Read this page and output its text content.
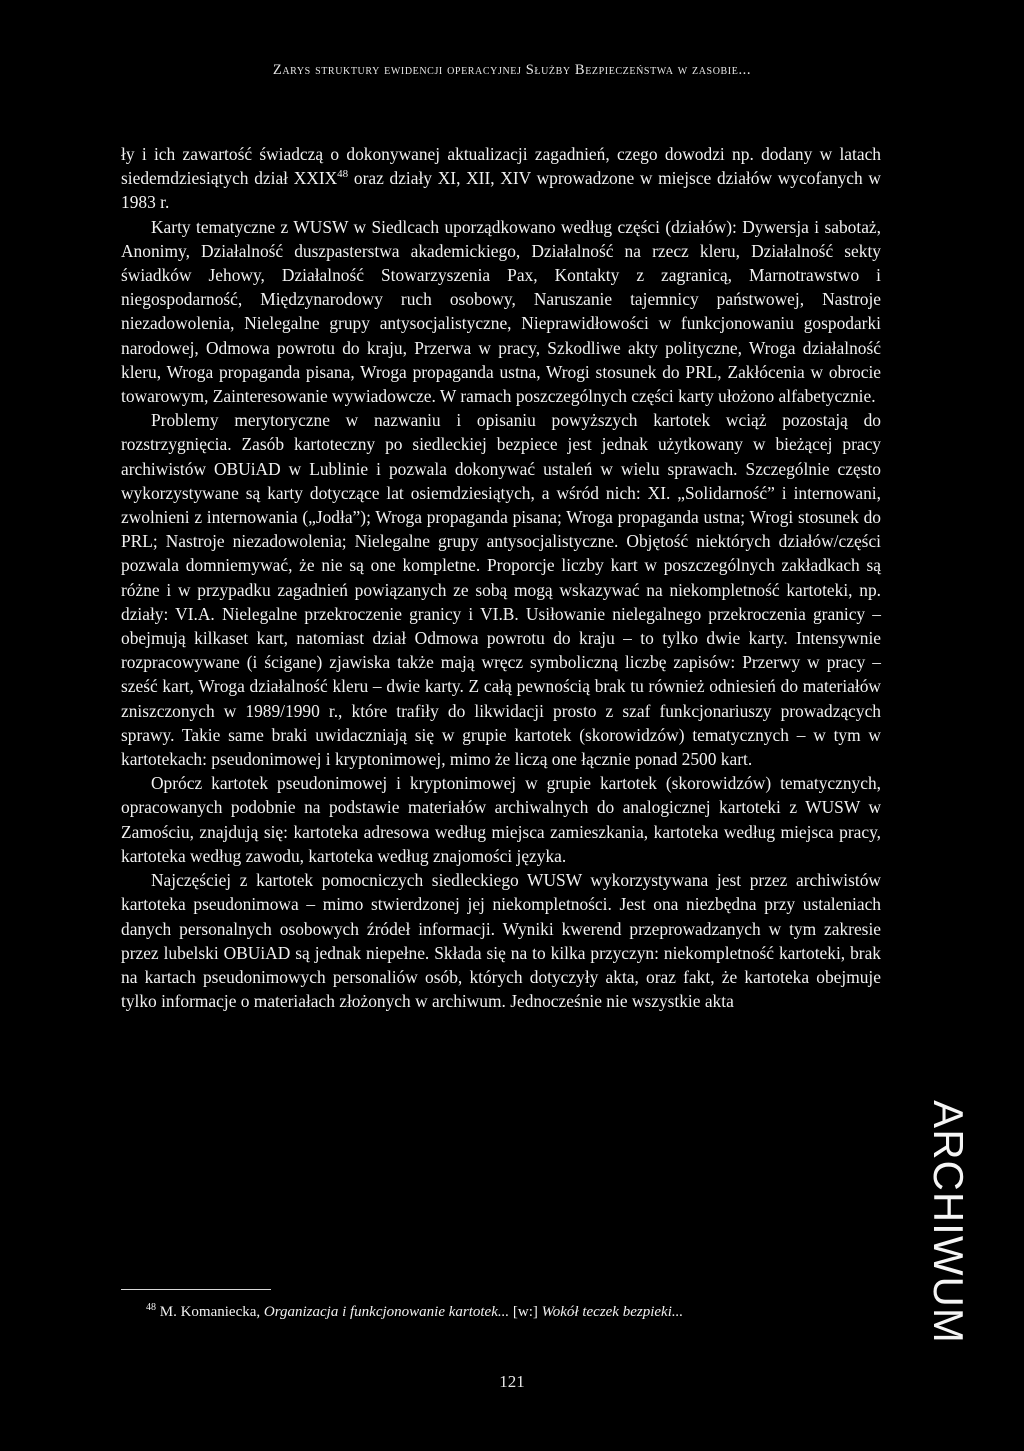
Zarys struktury ewidencji operacyjnej Służby Bezpieczeństwa w zasobie...

ły i ich zawartość świadczą o dokonywanej aktualizacji zagadnień, czego dowodzi np. dodany w latach siedemdziesiątych dział XXIX$^{48}$ oraz działy XI, XII, XIV wprowadzone w miejsce działów wycofanych w 1983 r.

Karty tematyczne z WUSW w Siedlcach uporządkowano według części (działów): Dywersja i sabotaż, Anonimy, Działalność duszpasterstwa akademickiego, Działalność na rzecz kleru, Działalność sekty świadków Jehowy, Działalność Stowarzyszenia Pax, Kontakty z zagranicą, Marnotrawstwo i niegospodarność, Międzynarodowy ruch osobowy, Naruszanie tajemnicy państwowej, Nastroje niezadowolenia, Nielegalne grupy antysocjalistyczne, Nieprawidłowości w funkcjonowaniu gospodarki narodowej, Odmowa powrotu do kraju, Przerwa w pracy, Szkodliwe akty polityczne, Wroga działalność kleru, Wroga propaganda pisana, Wroga propaganda ustna, Wrogi stosunek do PRL, Zakłócenia w obrocie towarowym, Zainteresowanie wywiadowcze. W ramach poszczególnych części karty ułożono alfabetycznie.

Problemy merytoryczne w nazwaniu i opisaniu powyższych kartotek wciąż pozostają do rozstrzygnięcia. Zasób kartoteczny po siedleckiej bezpiece jest jednak użytkowany w bieżącej pracy archiwistów OBUiAD w Lublinie i pozwala dokonywać ustaleń w wielu sprawach. Szczególnie często wykorzystywane są karty dotyczące lat osiemdziesiątych, a wśród nich: XI. „Solidarność” i internowani, zwolnieni z internowania („Jodła”); Wroga propaganda pisana; Wroga propaganda ustna; Wrogi stosunek do PRL; Nastroje niezadowolenia; Nielegalne grupy antysocjalistyczne. Objętość niektórych działów/części pozwala domniemywać, że nie są one kompletne. Proporcje liczby kart w poszczególnych zakładkach są różne i w przypadku zagadnień powiązanych ze sobą mogą wskazywać na niekompletność kartoteki, np. działy: VI.A. Nielegalne przekroczenie granicy i VI.B. Usiłowanie nielegalnego przekroczenia granicy – obejmują kilkaset kart, natomiast dział Odmowa powrotu do kraju – to tylko dwie karty. Intensywnie rozpracowywane (i ścigane) zjawiska także mają wręcz symboliczną liczbę zapisów: Przerwy w pracy – sześć kart, Wroga działalność kleru – dwie karty. Z całą pewnością brak tu również odniesień do materiałów zniszczonych w 1989/1990 r., które trafiły do likwidacji prosto z szaf funkcjonariuszy prowadzących sprawy. Takie same braki uwidaczniają się w grupie kartotek (skorowidzów) tematycznych – w tym w kartotekach: pseudonimowej i kryptonimowej, mimo że liczą one łącznie ponad 2500 kart.

Oprócz kartotek pseudonimowej i kryptonimowej w grupie kartotek (skorowidzów) tematycznych, opracowanych podobnie na podstawie materiałów archiwalnych do analogicznej kartoteki z WUSW w Zamościu, znajdują się: kartoteka adresowa według miejsca zamieszkania, kartoteka według miejsca pracy, kartoteka według zawodu, kartoteka według znajomości języka.

Najczęściej z kartotek pomocniczych siedleckiego WUSW wykorzystywana jest przez archiwistów kartoteka pseudonimowa – mimo stwierdzonej jej niekompletności. Jest ona niezbędna przy ustaleniach danych personalnych osobowych źródeł informacji. Wyniki kwerend przeprowadzanych w tym zakresie przez lubelski OBUiAD są jednak niepełne. Składa się na to kilka przyczyn: niekompletność kartoteki, brak na kartach pseudonimowych personaliów osób, których dotyczyły akta, oraz fakt, że kartoteka obejmuje tylko informacje o materiałach złożonych w archiwum. Jednocześnie nie wszystkie akta

$^{48}$ M. Komaniecka, Organizacja i funkcjonowanie kartotek... [w:] Wokół teczek bezpieki...
121
ARCHIWUM
